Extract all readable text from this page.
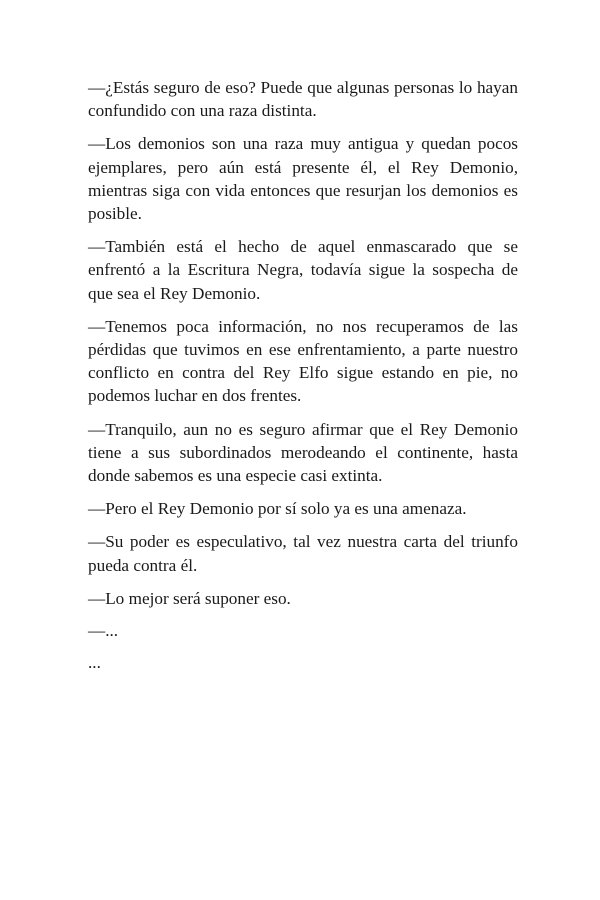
—¿Estás seguro de eso? Puede que algunas personas lo hayan confundido con una raza distinta.

—Los demonios son una raza muy antigua y quedan pocos ejemplares, pero aún está presente él, el Rey Demonio, mientras siga con vida entonces que resurjan los demonios es posible.

—También está el hecho de aquel enmascarado que se enfrentó a la Escritura Negra, todavía sigue la sospecha de que sea el Rey Demonio.

—Tenemos poca información, no nos recuperamos de las pérdidas que tuvimos en ese enfrentamiento, a parte nuestro conflicto en contra del Rey Elfo sigue estando en pie, no podemos luchar en dos frentes.

—Tranquilo, aun no es seguro afirmar que el Rey Demonio tiene a sus subordinados merodeando el continente, hasta donde sabemos es una especie casi extinta.

—Pero el Rey Demonio por sí solo ya es una amenaza.

—Su poder es especulativo, tal vez nuestra carta del triunfo pueda contra él.

—Lo mejor será suponer eso.

—...

...
